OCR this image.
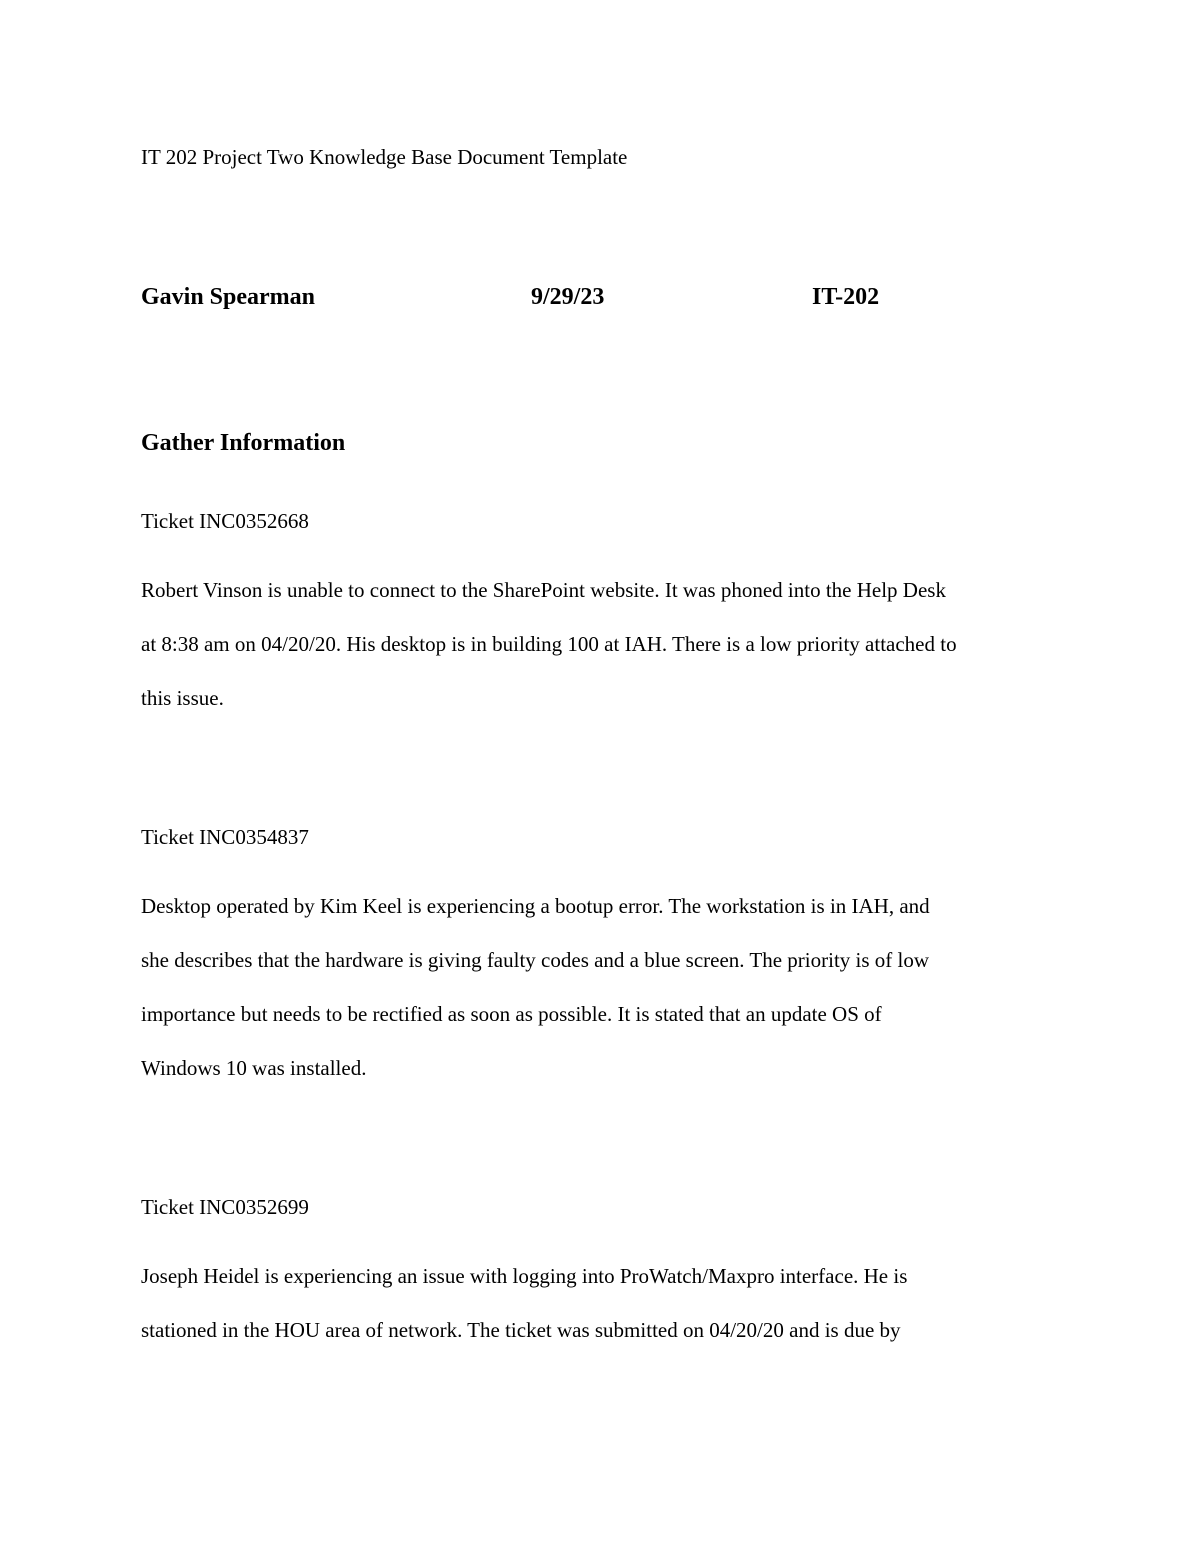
IT 202 Project Two Knowledge Base Document Template
Gavin Spearman	9/29/23	IT-202
Gather Information
Ticket INC0352668
Robert Vinson is unable to connect to the SharePoint website. It was phoned into the Help Desk
at 8:38 am on 04/20/20. His desktop is in building 100 at IAH. There is a low priority attached to
this issue.
Ticket INC0354837
Desktop operated by Kim Keel is experiencing a bootup error. The workstation is in IAH, and
she describes that the hardware is giving faulty codes and a blue screen. The priority is of low
importance but needs to be rectified as soon as possible. It is stated that an update OS of
Windows 10 was installed.
Ticket INC0352699
Joseph Heidel is experiencing an issue with logging into ProWatch/Maxpro interface. He is
stationed in the HOU area of network. The ticket was submitted on 04/20/20 and is due by
